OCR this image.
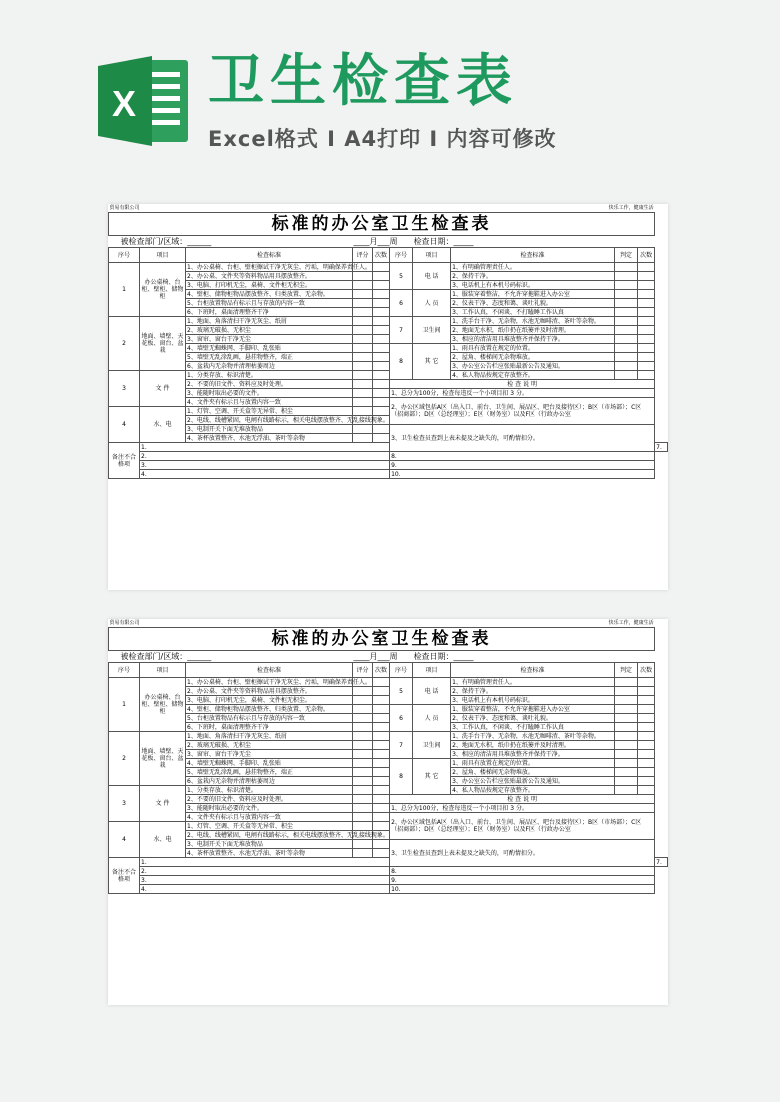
X 卫生检查表
Excel格式 I A4打印 I 内容可修改
贸易有限公司					快乐工作，健康生活					
标准的办公室卫生检查表										
被检查部门/区域：______			____月___周			检查日期：_____				
序号	项目	检查标准	评分	次数	序号	项目	检查标准	判定	次数	
1	办公桌椅、台柜、壁柜、储物柜	1、办公桌椅、台柜、壁柜擦试干净无灰尘、污垢，明确保养责任人。			5	电 话	1、有明确管理责任人。			
		2、办公桌、文件夹等资料物品用具摆放整齐。					2、保持干净。			
		3、电脑、打印机无尘，桌椅、文件柜无积尘。					3、电话机上有本机号码标识。			
		4、壁柜、储物柜物品摆放整齐、归类放置、无杂物。			6	人 员	1、服装穿着整洁，不允许穿拖鞋进入办公室			
		5、台柜放置物品有标示且与存放的内容一致					2、仪表干净、态度和蔼、谈吐礼貌。			
		6、下班时，桌面清理整齐干净					3、工作认真，不闲谈、不打瞌睡工作认真			
2	地面、墙壁、天花板、窗台、盆栽	1、地面、角落清扫干净无灰尘、纸屑			7	卫生间	1、洗手台干净、无杂物，水池无咖啡渣、茶叶等杂物。			
		2、玻璃无破损、无积尘					2、地面无水积，纸巾扔在纸篓并及时清理。			
		3、窗帘、窗台干净无尘					3、相应的清洁用具堆放整齐并保持干净。			
		4、墙壁无蜘蛛网、手脚印、乱张贴			8	其 它	1、雨具有放置在规定的位置。			
		5、墙壁无乱涂乱画，悬挂物整齐，端正					2、屋角、楼梯间无杂物堆放。			
		6、盆栽内无杂物并清理枯萎周边					3、办公室公告栏应张贴最新公告及通知。			
3	文 件	1、分类存放、标识清楚。					4、私人物品按规定存放整齐。			
		2、不要的旧文件、资料应及时处理。			检 查 说 明					
		3、能随时取出必要的文件。			1、总分为100分，检查每违反一个小项目扣 3 分。					
		4、文件夹有标示且与放置内容一致			2、办公区域包括A区（出入口、前台、卫生间、展品区、吧台及接待区）；B区（市场部）；C区（招商部）；D区（总经理室）；E区（财务室）以及F区（行政办公室					
4	水、电	1、灯管、空调、开关盒等无异常、积尘								
		2、电线、线槽紧固，电闸有线路标示，相关电线摆放整齐、无乱接线现象。								
		3、电制开关下面无堆放物品			3、卫生检查员查到上表未提及之缺失的，可酌情扣分。					
		4、茶杯放置整齐、水池无浮油、茶叶等杂物								
备注不合格项	1.									7.
	2.				8.					
	3.				9.					
	4.				10.					
贸易有限公司					快乐工作，健康生活					
标准的办公室卫生检查表										
被检查部门/区域：______			____月___周			检查日期：_____				
序号	项目	检查标准	评分	次数	序号	项目	检查标准	判定	次数	
1	办公桌椅、台柜、壁柜、储物柜	1、办公桌椅、台柜、壁柜擦试干净无灰尘、污垢，明确保养责任人。			5	电 话	1、有明确管理责任人。			
		2、办公桌、文件夹等资料物品用具摆放整齐。					2、保持干净。			
		3、电脑、打印机无尘，桌椅、文件柜无积尘。					3、电话机上有本机号码标识。			
		4、壁柜、储物柜物品摆放整齐、归类放置、无杂物。			6	人 员	1、服装穿着整洁，不允许穿拖鞋进入办公室			
		5、台柜放置物品有标示且与存放的内容一致					2、仪表干净、态度和蔼、谈吐礼貌。			
		6、下班时，桌面清理整齐干净					3、工作认真，不闲谈、不打瞌睡工作认真			
2	地面、墙壁、天花板、窗台、盆栽	1、地面、角落清扫干净无灰尘、纸屑			7	卫生间	1、洗手台干净、无杂物，水池无咖啡渣、茶叶等杂物。			
		2、玻璃无破损、无积尘					2、地面无水积，纸巾扔在纸篓并及时清理。			
		3、窗帘、窗台干净无尘					3、相应的清洁用具堆放整齐并保持干净。			
		4、墙壁无蜘蛛网、手脚印、乱张贴			8	其 它	1、雨具有放置在规定的位置。			
		5、墙壁无乱涂乱画，悬挂物整齐，端正					2、屋角、楼梯间无杂物堆放。			
		6、盆栽内无杂物并清理枯萎周边					3、办公室公告栏应张贴最新公告及通知。			
3	文 件	1、分类存放、标识清楚。					4、私人物品按规定存放整齐。			
		2、不要的旧文件、资料应及时处理。			检 查 说 明					
		3、能随时取出必要的文件。			1、总分为100分，检查每违反一个小项目扣 3 分。					
		4、文件夹有标示且与放置内容一致			2、办公区域包括A区（出入口、前台、卫生间、展品区、吧台及接待区）；B区（市场部）；C区（招商部）；D区（总经理室）；E区（财务室）以及F区（行政办公室					
4	水、电	1、灯管、空调、开关盒等无异常、积尘								
		2、电线、线槽紧固，电闸有线路标示，相关电线摆放整齐、无乱接线现象。								
		3、电制开关下面无堆放物品			3、卫生检查员查到上表未提及之缺失的，可酌情扣分。					
		4、茶杯放置整齐、水池无浮油、茶叶等杂物								
备注不合格项	1.									7.
	2.				8.					
	3.				9.					
	4.				10.					
